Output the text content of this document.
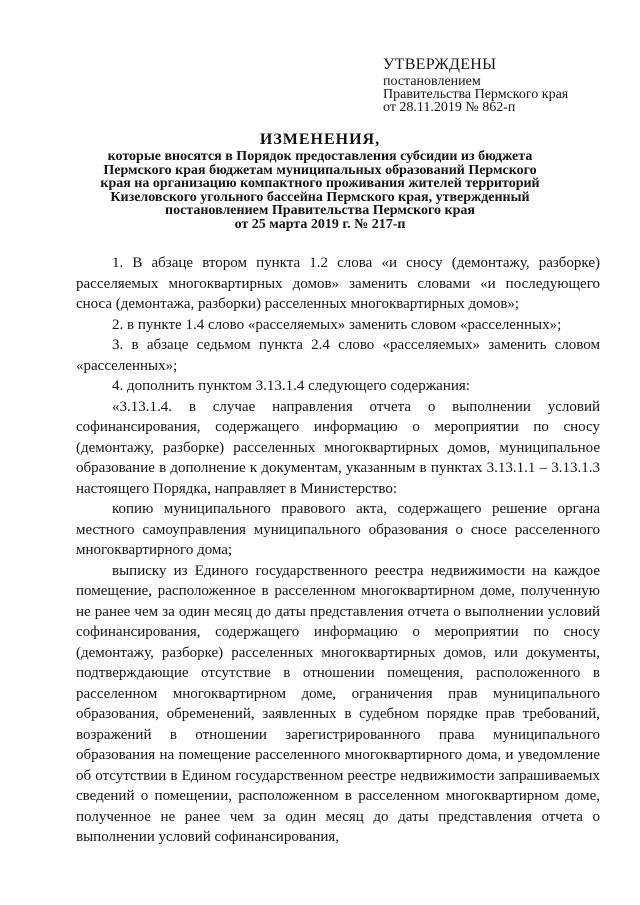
УТВЕРЖДЕНЫ
постановлением
Правительства Пермского края
от 28.11.2019 № 862-п
ИЗМЕНЕНИЯ,
которые вносятся в Порядок предоставления субсидии из бюджета
Пермского края бюджетам муниципальных образований Пермского
края на организацию компактного проживания жителей территорий
Кизеловского угольного бассейна Пермского края, утвержденный
постановлением Правительства Пермского края
от 25 марта 2019 г. № 217-п

1. В абзаце втором пункта 1.2 слова «и сносу (демонтажу, разборке) расселяемых многоквартирных домов» заменить словами «и последующего сноса (демонтажа, разборки) расселенных многоквартирных домов»;

2. в пункте 1.4 слово «расселяемых» заменить словом «расселенных»;

3. в абзаце седьмом пункта 2.4 слово «расселяемых» заменить словом «расселенных»;

4. дополнить пунктом 3.13.1.4 следующего содержания:

«3.13.1.4. в случае направления отчета о выполнении условий софинансирования, содержащего информацию о мероприятии по сносу (демонтажу, разборке) расселенных многоквартирных домов, муниципальное образование в дополнение к документам, указанным в пунктах 3.13.1.1 – 3.13.1.3 настоящего Порядка, направляет в Министерство:

копию муниципального правового акта, содержащего решение органа местного самоуправления муниципального образования о сносе расселенного многоквартирного дома;

выписку из Единого государственного реестра недвижимости на каждое помещение, расположенное в расселенном многоквартирном доме, полученную не ранее чем за один месяц до даты представления отчета о выполнении условий софинансирования, содержащего информацию о мероприятии по сносу (демонтажу, разборке) расселенных многоквартирных домов, или документы, подтверждающие отсутствие в отношении помещения, расположенного в расселенном многоквартирном доме, ограничения прав муниципального образования, обременений, заявленных в судебном порядке прав требований, возражений в отношении зарегистрированного права муниципального образования на помещение расселенного многоквартирного дома, и уведомление об отсутствии в Едином государственном реестре недвижимости запрашиваемых сведений о помещении, расположенном в расселенном многоквартирном доме, полученное не ранее чем за один месяц до даты представления отчета о выполнении условий софинансирования,
